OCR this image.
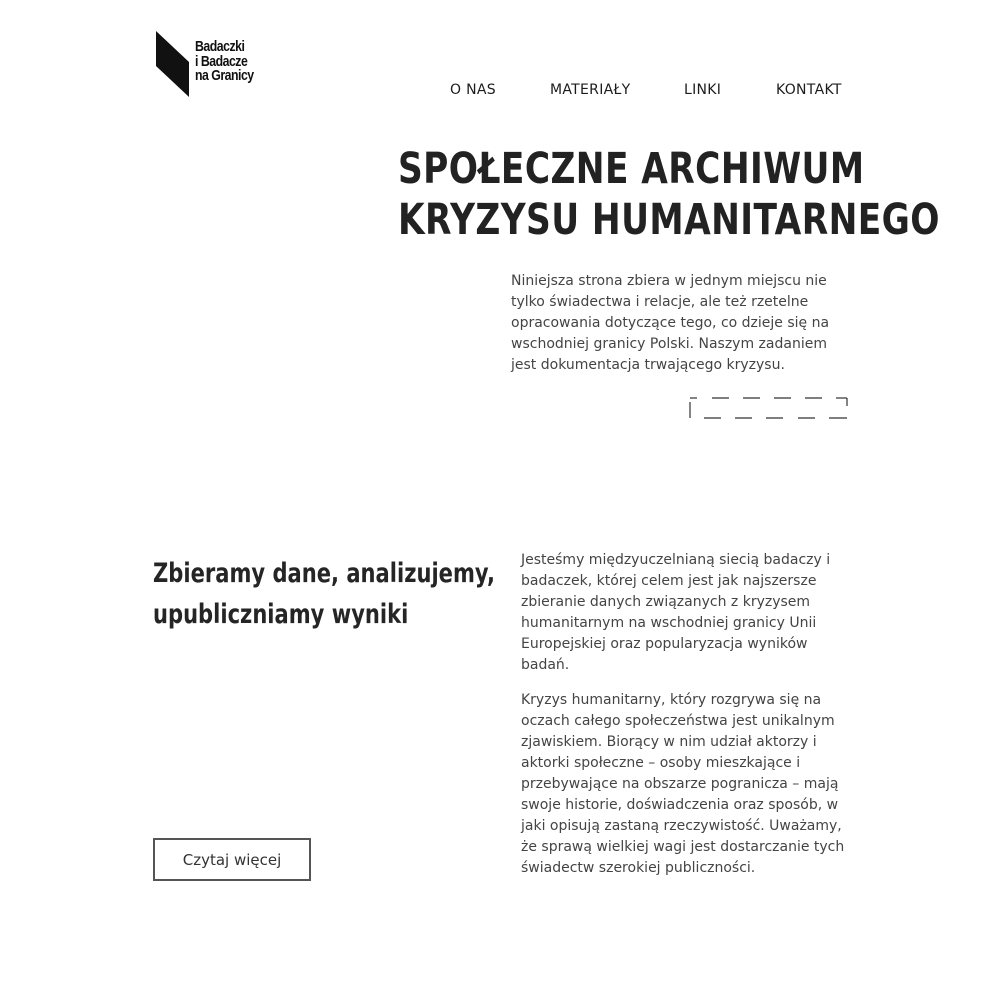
Badaczki
i Badacze
na Granicy
O NAS	MATERIAŁY	LINKI	KONTAKT
SPOŁECZNE ARCHIWUM
KRYZYSU HUMANITARNEGO

Niniejsza strona zbiera w jednym miejscu nie tylko świadectwa i relacje, ale też rzetelne opracowania dotyczące tego, co dzieje się na wschodniej granicy Polski. Naszym zadaniem jest dokumentacja trwającego kryzysu.

Zbieramy dane, analizujemy,
upubliczniamy wyniki

Jesteśmy międzyuczelnianą siecią badaczy i badaczek, której celem jest jak najszersze zbieranie danych związanych z kryzysem humanitarnym na wschodniej granicy Unii Europejskiej oraz popularyzacja wyników badań.

Kryzys humanitarny, który rozgrywa się na oczach całego społeczeństwa jest unikalnym zjawiskiem. Biorący w nim udział aktorzy i aktorki społeczne – osoby mieszkające i przebywające na obszarze pogranicza – mają swoje historie, doświadczenia oraz sposób, w jaki opisują zastaną rzeczywistość. Uważamy, że sprawą wielkiej wagi jest dostarczanie tych świadectw szerokiej publiczności.

Czytaj więcej
